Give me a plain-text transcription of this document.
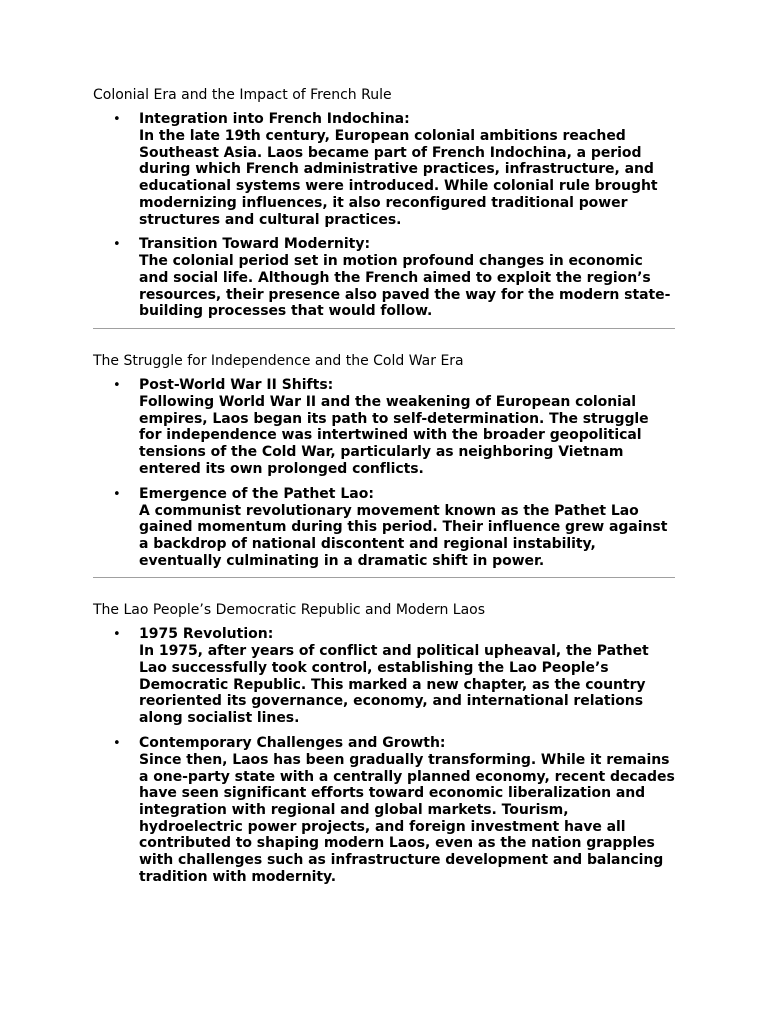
Colonial Era and the Impact of French Rule
• Integration into French Indochina:
In the late 19th century, European colonial ambitions reached Southeast Asia. Laos became part of French Indochina, a period during which French administrative practices, infrastructure, and educational systems were introduced. While colonial rule brought modernizing influences, it also reconfigured traditional power structures and cultural practices.
• Transition Toward Modernity:
The colonial period set in motion profound changes in economic and social life. Although the French aimed to exploit the region’s resources, their presence also paved the way for the modern state-building processes that would follow.
The Struggle for Independence and the Cold War Era
• Post-World War II Shifts:
Following World War II and the weakening of European colonial empires, Laos began its path to self-determination. The struggle for independence was intertwined with the broader geopolitical tensions of the Cold War, particularly as neighboring Vietnam entered its own prolonged conflicts.
• Emergence of the Pathet Lao:
A communist revolutionary movement known as the Pathet Lao gained momentum during this period. Their influence grew against a backdrop of national discontent and regional instability, eventually culminating in a dramatic shift in power.
The Lao People’s Democratic Republic and Modern Laos
• 1975 Revolution:
In 1975, after years of conflict and political upheaval, the Pathet Lao successfully took control, establishing the Lao People’s Democratic Republic. This marked a new chapter, as the country reoriented its governance, economy, and international relations along socialist lines.
• Contemporary Challenges and Growth:
Since then, Laos has been gradually transforming. While it remains a one-party state with a centrally planned economy, recent decades have seen significant efforts toward economic liberalization and integration with regional and global markets. Tourism, hydroelectric power projects, and foreign investment have all contributed to shaping modern Laos, even as the nation grapples with challenges such as infrastructure development and balancing tradition with modernity.
